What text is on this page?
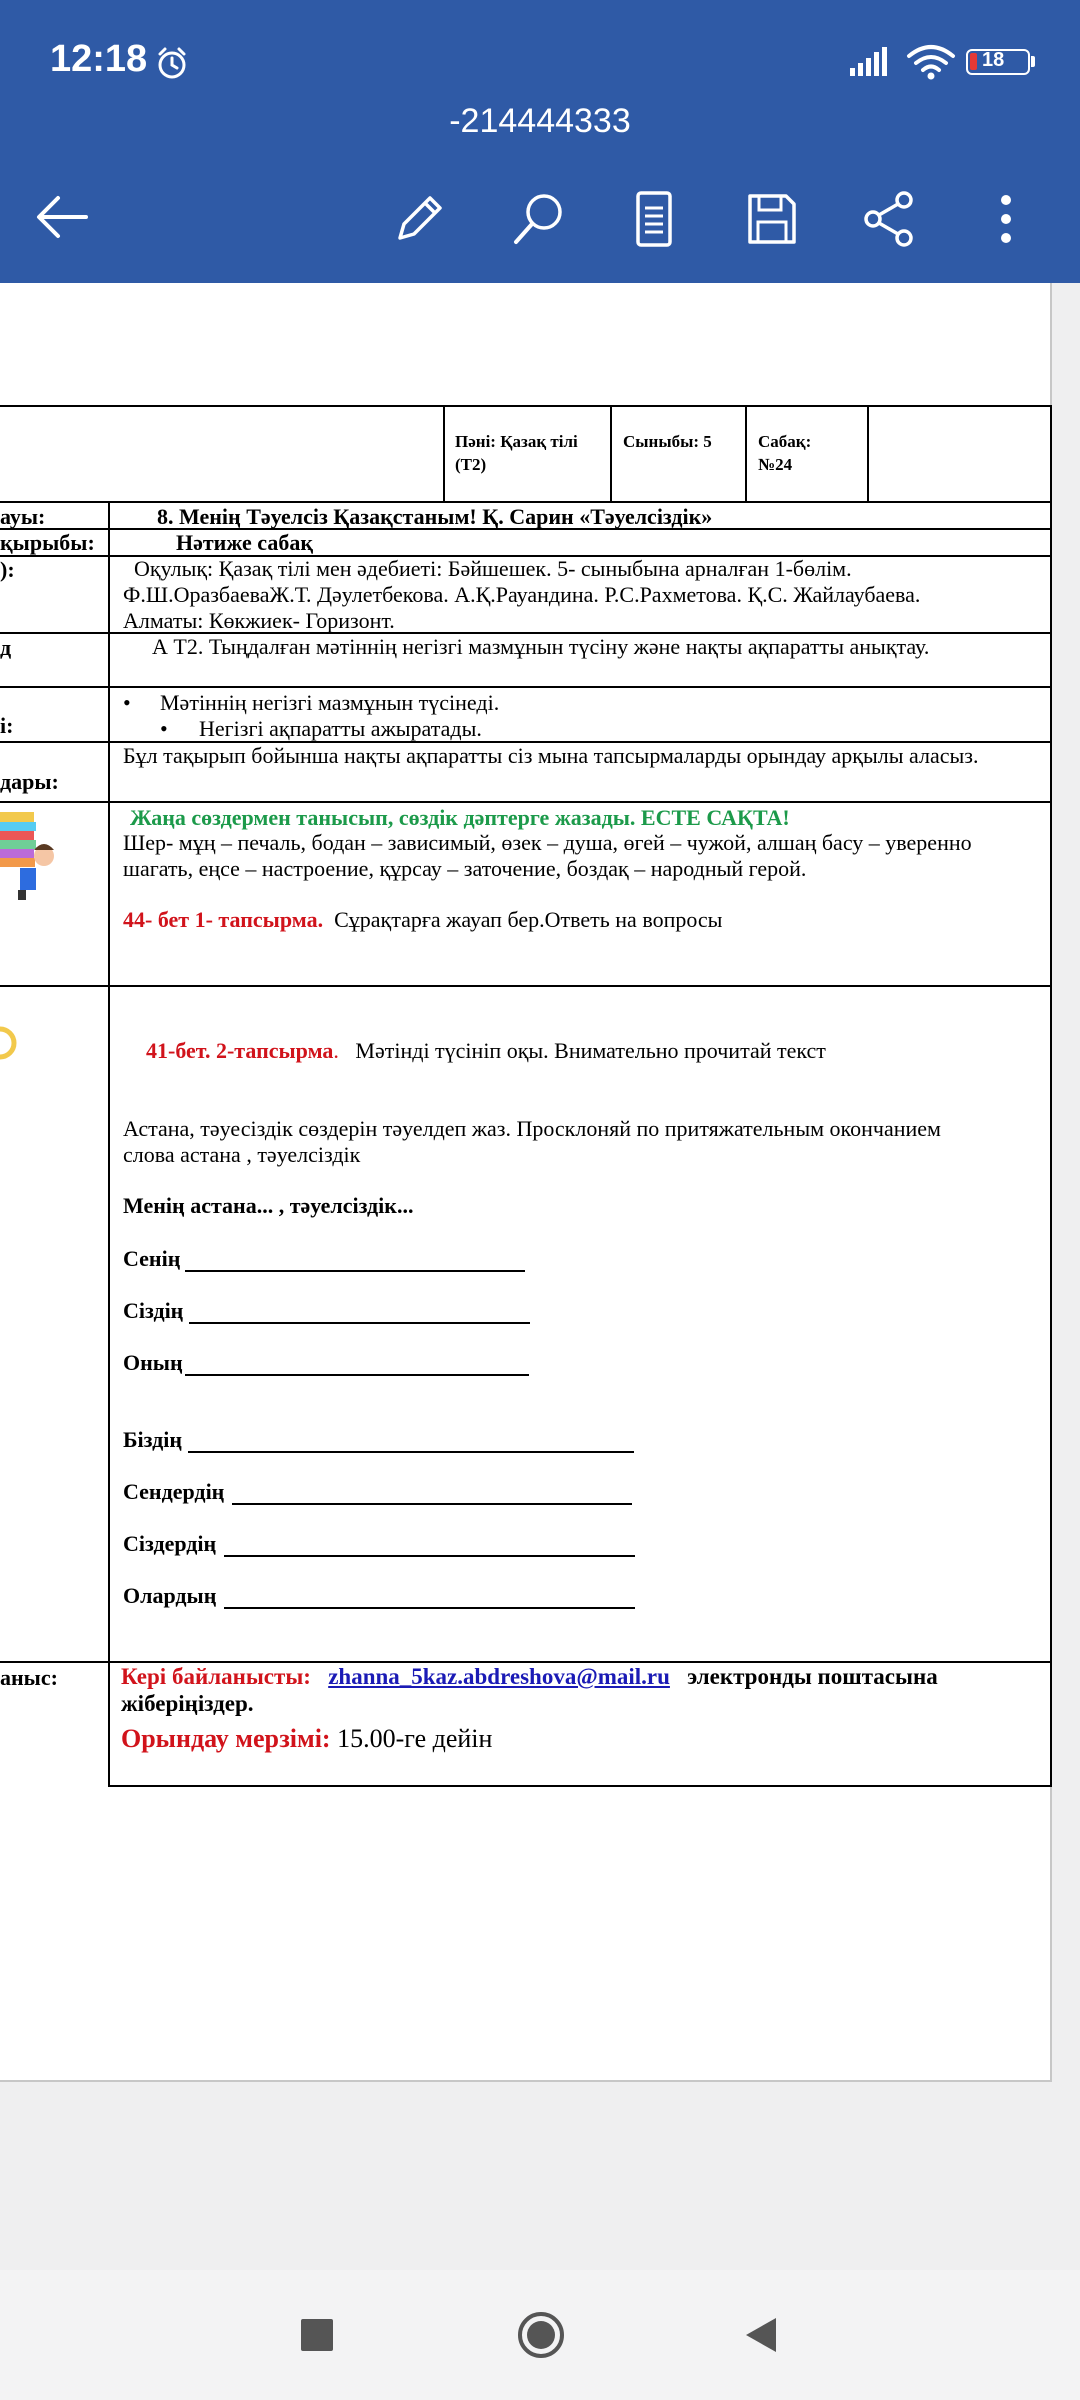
12:18	18
-214444333
Пәні: Қазақ тілі (Т2)
Сыныбы: 5	Сабақ: №24
ауы:
қырыбы:
):
д
і:
дары:
аныс:
8. Менің Тәуелсіз Қазақстаным! Қ. Сарин «Тәуелсіздік»
Нәтиже сабақ
Оқулық: Қазақ тілі мен әдебиеті: Бәйшешек. 5- сыныбына арналған 1-бөлім.
Ф.Ш.ОразбаеваЖ.Т. Дәулетбекова. А.Қ.Рауандина. Р.С.Рахметова. Қ.С. Жайлаубаева.
Алматы: Көкжиек- Горизонт.
А Т2. Тыңдалған мәтіннің негізгі мазмұнын түсіну және нақты ақпаратты анықтау.
• Мәтіннің негізгі мазмұнын түсінеді.
• Негізгі ақпаратты ажыратады.
Бұл тақырып бойынша нақты ақпаратты сіз мына тапсырмаларды орындау арқылы аласыз.
Жаңа сөздермен танысып, сөздік дәптерге жазады. ЕСТЕ САҚТА!
Шер- мұң – печаль, бодан – зависимый, өзек – душа, өгей – чужой, алшаң басу – уверенно
шагать, еңсе – настроение, құрсау – заточение, боздақ – народный герой.
44- бет 1- тапсырма. Сұрақтарға жауап бер.Ответь на вопросы
41-бет. 2-тапсырма. Мәтінді түсініп оқы. Внимательно прочитай текст
Астана, тәуесіздік сөздерін тәуелдеп жаз. Просклоняй по притяжательным окончанием
слова астана , тәуелсіздік
Менің астана... , тәуелсіздік...
Сенің
Сіздің
Оның
Біздің
Сендердің
Сіздердің
Олардың
Кері байланысты: zhanna_5kaz.abdreshova@mail.ru электронды поштасына
жіберіңіздер.
Орындау мерзімі: 15.00-ге дейін
